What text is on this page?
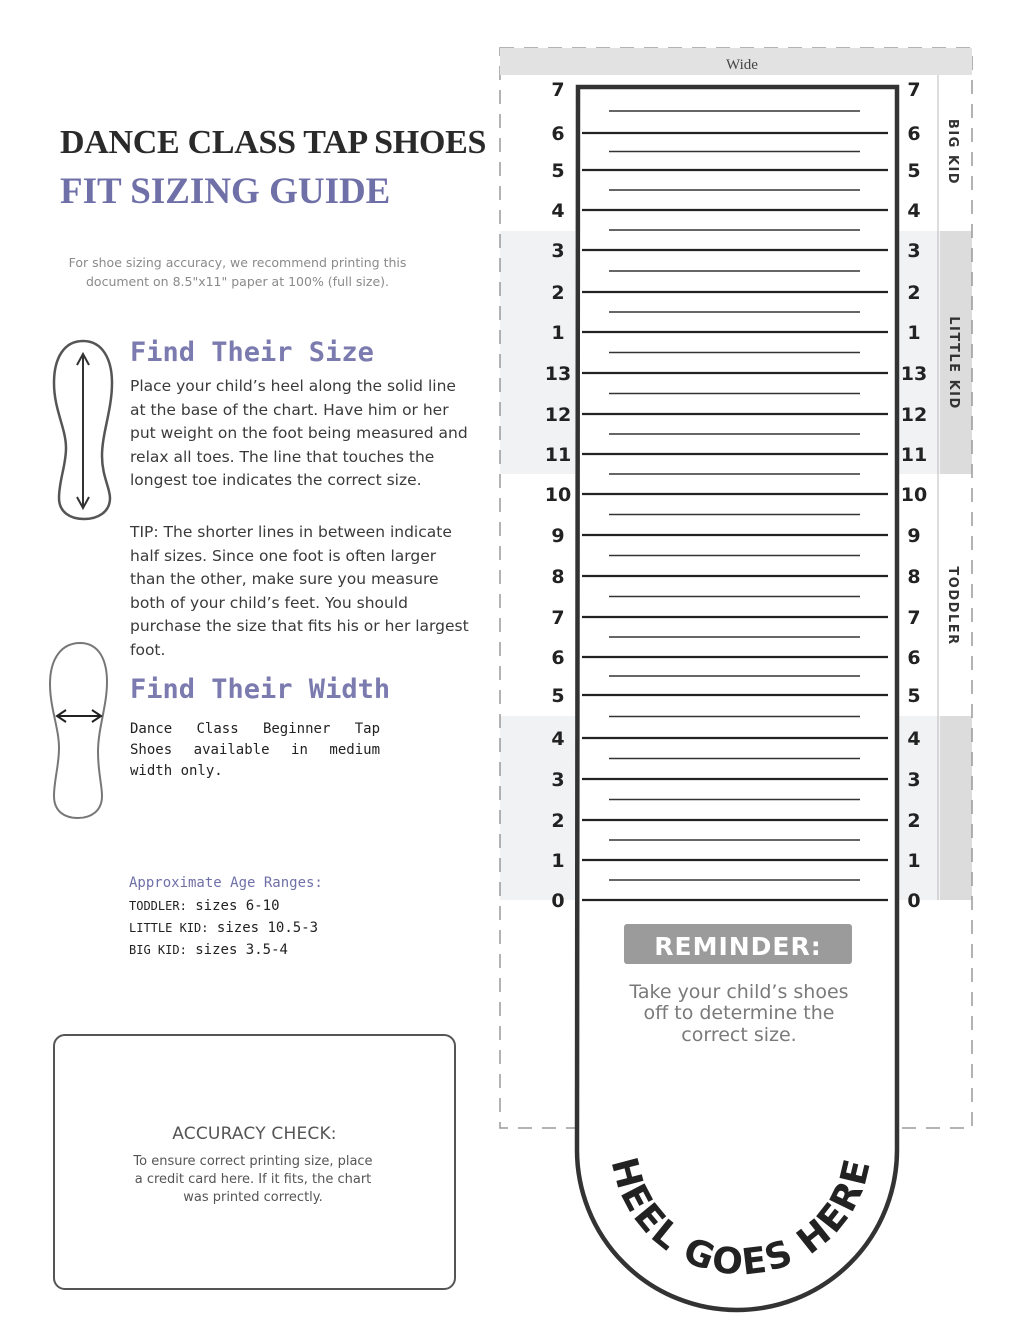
DANCE CLASS TAP SHOES
FIT SIZING GUIDE
For shoe sizing accuracy, we recommend printing this document on 8.5"x11" paper at 100% (full size).
Find Their Size
Place your child’s heel along the solid line at the base of the chart. Have him or her put weight on the foot being measured and relax all toes. The line that touches the longest toe indicates the correct size.
TIP: The shorter lines in between indicate half sizes. Since one foot is often larger than the other, make sure you measure both of your child’s feet. You should purchase the size that fits his or her largest foot.
Find Their Width
Dance Class Beginner Tap Shoes available in medium width only.
Approximate Age Ranges:
TODDLER: sizes 6-10
LITTLE KID: sizes 10.5-3
BIG KID: sizes 3.5-4
ACCURACY CHECK:
To ensure correct printing size, place a credit card here. If it fits, the chart was printed correctly.
Wide
7	7
6	6
5	5
4	4
3	3
2	2
1	1
13	13
12	12
11	11
10	10
9	9
8	8
7	7
6	6
5	5
4	4
3	3
2	2
1	1
0	0
BIG KID
LITTLE KID
TODDLER
REMINDER:
Take your child’s shoes
off to determine the
correct size.
HEEL GOES HERE
